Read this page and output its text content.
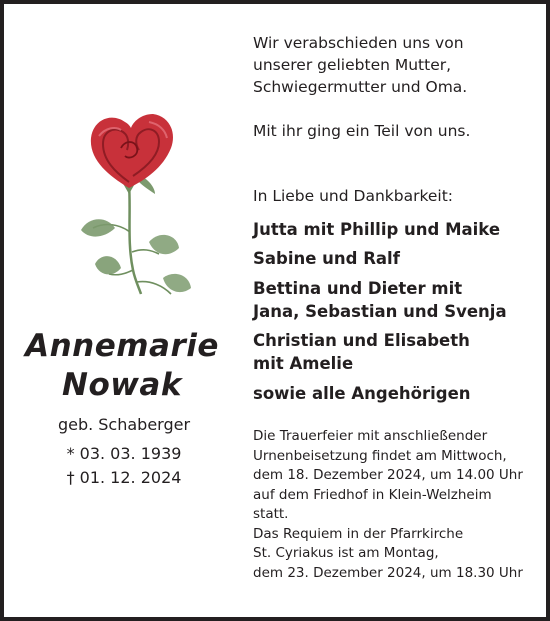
Annemarie
Nowak
geb. Schaberger
* 03. 03. 1939
† 01. 12. 2024
Wir verabschieden uns von
unserer geliebten Mutter,
Schwiegermutter und Oma.
Mit ihr ging ein Teil von uns.
In Liebe und Dankbarkeit:
Jutta mit Phillip und Maike
Sabine und Ralf
Bettina und Dieter mit
Jana, Sebastian und Svenja
Christian und Elisabeth
mit Amelie
sowie alle Angehörigen
Die Trauerfeier mit anschließender
Urnenbeisetzung findet am Mittwoch,
dem 18. Dezember 2024, um 14.00 Uhr
auf dem Friedhof in Klein-Welzheim
statt.
Das Requiem in der Pfarrkirche
St. Cyriakus ist am Montag,
dem 23. Dezember 2024, um 18.30 Uhr
